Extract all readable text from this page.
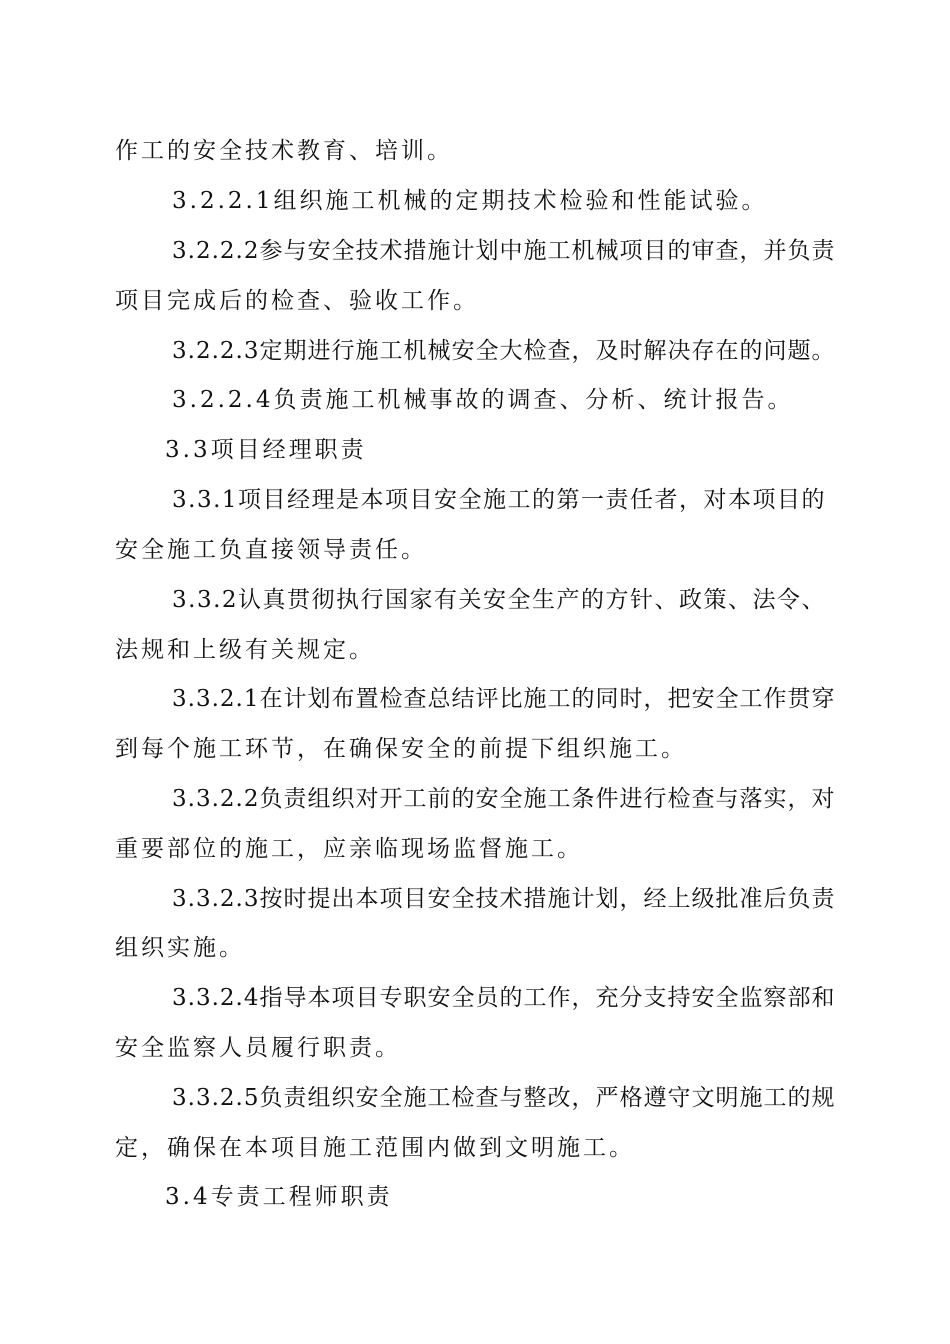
作工的安全技术教育、培训。
3.2.2.1组织施工机械的定期技术检验和性能试验。
3.2.2.2参与安全技术措施计划中施工机械项目的审查，并负责
项目完成后的检查、验收工作。
3.2.2.3定期进行施工机械安全大检查，及时解决存在的问题。
3.2.2.4负责施工机械事故的调查、分析、统计报告。
3.3项目经理职责
3.3.1项目经理是本项目安全施工的第一责任者，对本项目的
安全施工负直接领导责任。
3.3.2认真贯彻执行国家有关安全生产的方针、政策、法令、
法规和上级有关规定。
3.3.2.1在计划布置检查总结评比施工的同时，把安全工作贯穿
到每个施工环节，在确保安全的前提下组织施工。
3.3.2.2负责组织对开工前的安全施工条件进行检查与落实，对
重要部位的施工，应亲临现场监督施工。
3.3.2.3按时提出本项目安全技术措施计划，经上级批准后负责
组织实施。
3.3.2.4指导本项目专职安全员的工作，充分支持安全监察部和
安全监察人员履行职责。
3.3.2.5负责组织安全施工检查与整改，严格遵守文明施工的规
定，确保在本项目施工范围内做到文明施工。
3.4专责工程师职责
